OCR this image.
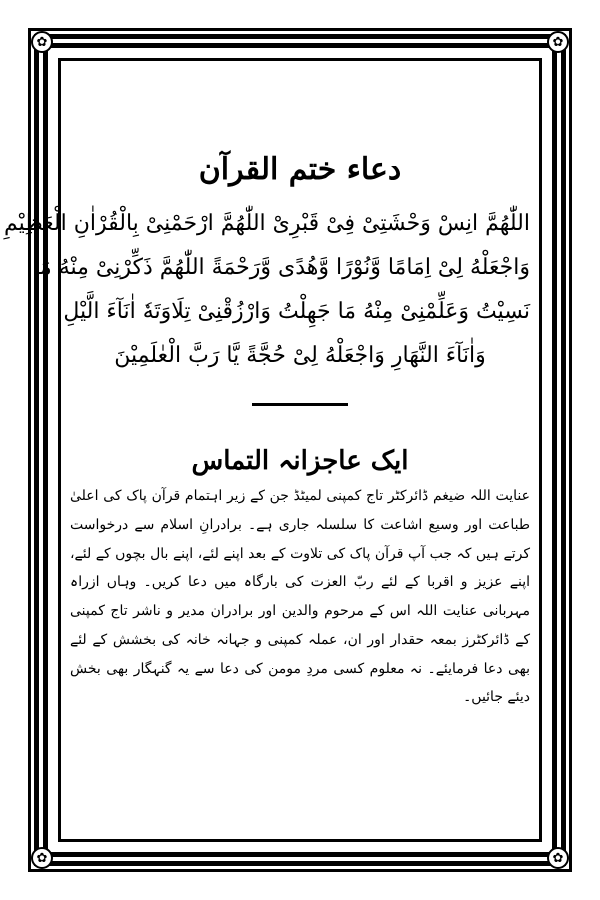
✿	✿
✿	✿
دعاء ختم القرآن

اللّٰهُمَّ انِسْ وَحْشَتِىْ فِىْ قَبْرِىْ اللّٰهُمَّ ارْحَمْنِىْ بِالْقُرْاٰنِ الْعَظِيْمِ

وَاجْعَلْهُ لِىْ اِمَامًا وَّنُوْرًا وَّهُدًى وَّرَحْمَةً اللّٰهُمَّ ذَكِّرْنِىْ مِنْهُ مَا

نَسِيْتُ وَعَلِّمْنِىْ مِنْهُ مَا جَهِلْتُ وَارْزُقْنِىْ تِلَاوَتَهٗ اٰنَآءَ الَّيْلِ

وَاٰنَآءَ النَّهَارِ وَاجْعَلْهُ لِىْ حُجَّةً يَّا رَبَّ الْعٰلَمِيْنَ

ایک عاجزانہ التماس

عنایت اللہ ضیغم ڈائرکٹر تاج کمپنی لمیٹڈ جن کے زیر اہتمام قرآن پاک کی اعلیٰ طباعت اور وسیع اشاعت کا سلسلہ جاری ہے۔ برادرانِ اسلام سے درخواست کرتے ہیں کہ جب آپ قرآن پاک کی تلاوت کے بعد اپنے لئے، اپنے بال بچوں کے لئے، اپنے عزیز و اقربا کے لئے ربّ العزت کی بارگاہ میں دعا کریں۔ وہاں ازراہ مہربانی عنایت اللہ اس کے مرحوم والدین اور برادران مدیر و ناشر تاج کمپنی کے ڈائرکٹرز بمعہ حقدار اور ان، عملہ کمپنی و جہانہ خانہ کی بخشش کے لئے بھی دعا فرمایئے۔ نہ معلوم کسی مردِ مومن کی دعا سے یہ گنہگار بھی بخش دیئے جائیں۔
